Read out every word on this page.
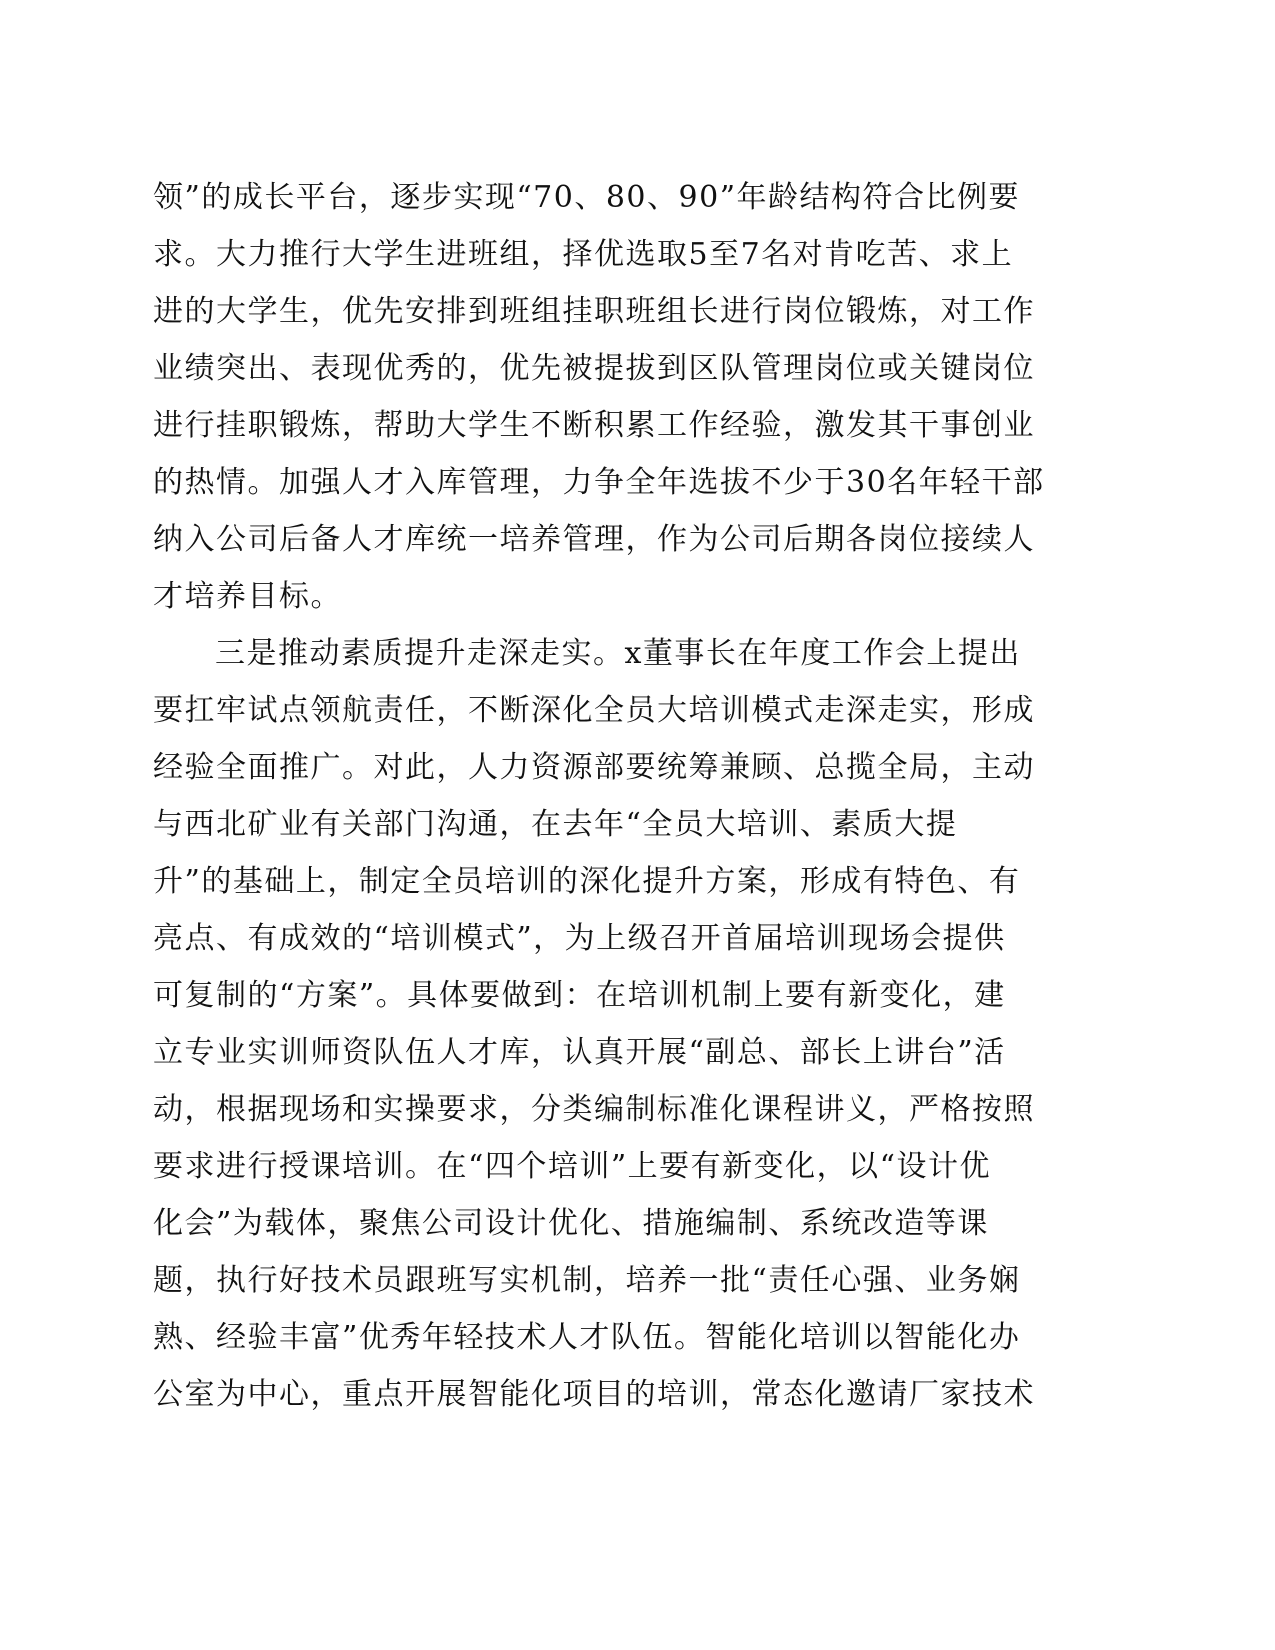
领”的成长平台，逐步实现“70、80、90”年龄结构符合比例要
求。大力推行大学生进班组，择优选取5至7名对肯吃苦、求上
进的大学生，优先安排到班组挂职班组长进行岗位锻炼，对工作
业绩突出、表现优秀的，优先被提拔到区队管理岗位或关键岗位
进行挂职锻炼，帮助大学生不断积累工作经验，激发其干事创业
的热情。加强人才入库管理，力争全年选拔不少于30名年轻干部
纳入公司后备人才库统一培养管理，作为公司后期各岗位接续人
才培养目标。
三是推动素质提升走深走实。x董事长在年度工作会上提出
要扛牢试点领航责任，不断深化全员大培训模式走深走实，形成
经验全面推广。对此，人力资源部要统筹兼顾、总揽全局，主动
与西北矿业有关部门沟通，在去年“全员大培训、素质大提
升”的基础上，制定全员培训的深化提升方案，形成有特色、有
亮点、有成效的“培训模式”，为上级召开首届培训现场会提供
可复制的“方案”。具体要做到：在培训机制上要有新变化，建
立专业实训师资队伍人才库，认真开展“副总、部长上讲台”活
动，根据现场和实操要求，分类编制标准化课程讲义，严格按照
要求进行授课培训。在“四个培训”上要有新变化，以“设计优
化会”为载体，聚焦公司设计优化、措施编制、系统改造等课
题，执行好技术员跟班写实机制，培养一批“责任心强、业务娴
熟、经验丰富”优秀年轻技术人才队伍。智能化培训以智能化办
公室为中心，重点开展智能化项目的培训，常态化邀请厂家技术
